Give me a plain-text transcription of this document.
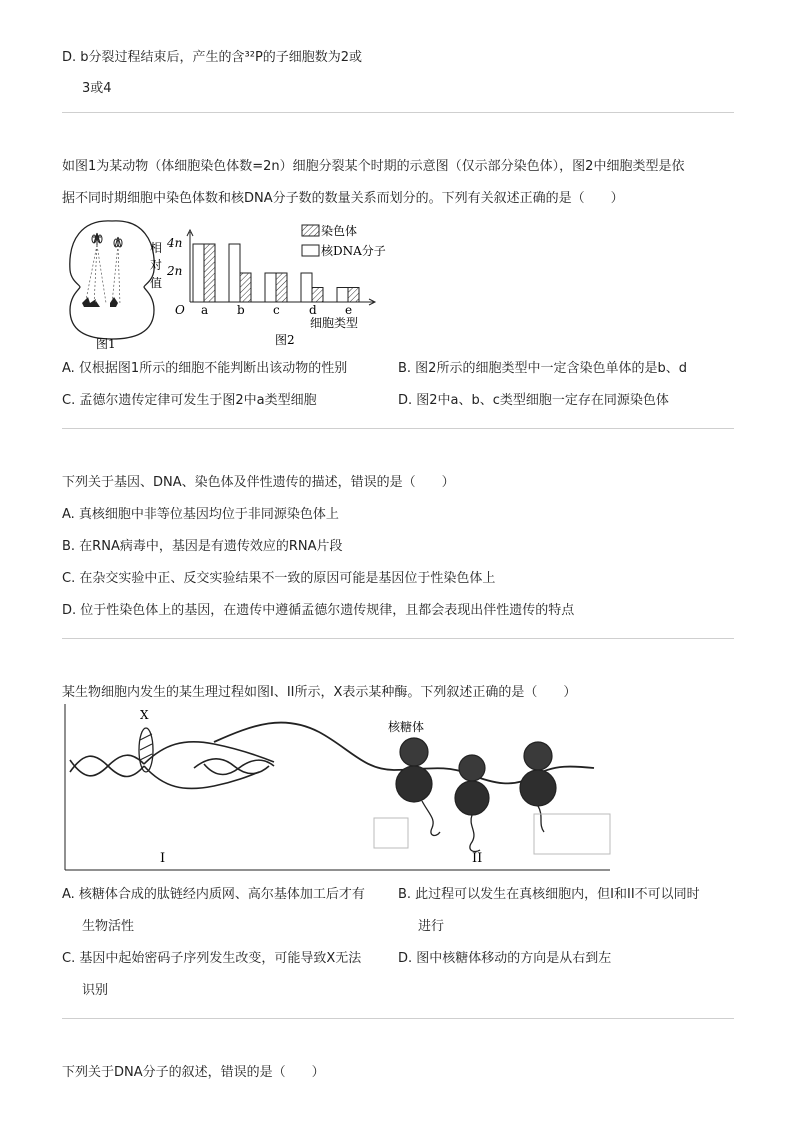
D. b分裂过程结束后，产生的含³²P的子细胞数为2或
3或4
如图1为某动物（体细胞染色体数=2n）细胞分裂某个时期的示意图（仅示部分染色体），图2中细胞类型是依
据不同时期细胞中染色体数和核DNA分子数的数量关系而划分的。下列有关叙述正确的是（　　）
图1
相
对
值
4n
2n
O
细胞类型
图2
染色体
核DNA分子
a b c d e
A. 仅根据图1所示的细胞不能判断出该动物的性别	B. 图2所示的细胞类型中一定含染色单体的是b、d
C. 孟德尔遗传定律可发生于图2中a类型细胞	D. 图2中a、b、c类型细胞一定存在同源染色体
下列关于基因、DNA、染色体及伴性遗传的描述，错误的是（　　）
A. 真核细胞中非等位基因均位于非同源染色体上
B. 在RNA病毒中，基因是有遗传效应的RNA片段
C. 在杂交实验中正、反交实验结果不一致的原因可能是基因位于性染色体上
D. 位于性染色体上的基因，在遗传中遵循孟德尔遗传规律，且都会表现出伴性遗传的特点
某生物细胞内发生的某生理过程如图I、II所示，X表示某种酶。下列叙述正确的是（　　）
X
核糖体
I	II
A. 核糖体合成的肽链经内质网、高尔基体加工后才有
生物活性
B. 此过程可以发生在真核细胞内，但I和II不可以同时
进行
C. 基因中起始密码子序列发生改变，可能导致X无法
识别
D. 图中核糖体移动的方向是从右到左
下列关于DNA分子的叙述，错误的是（　　）
